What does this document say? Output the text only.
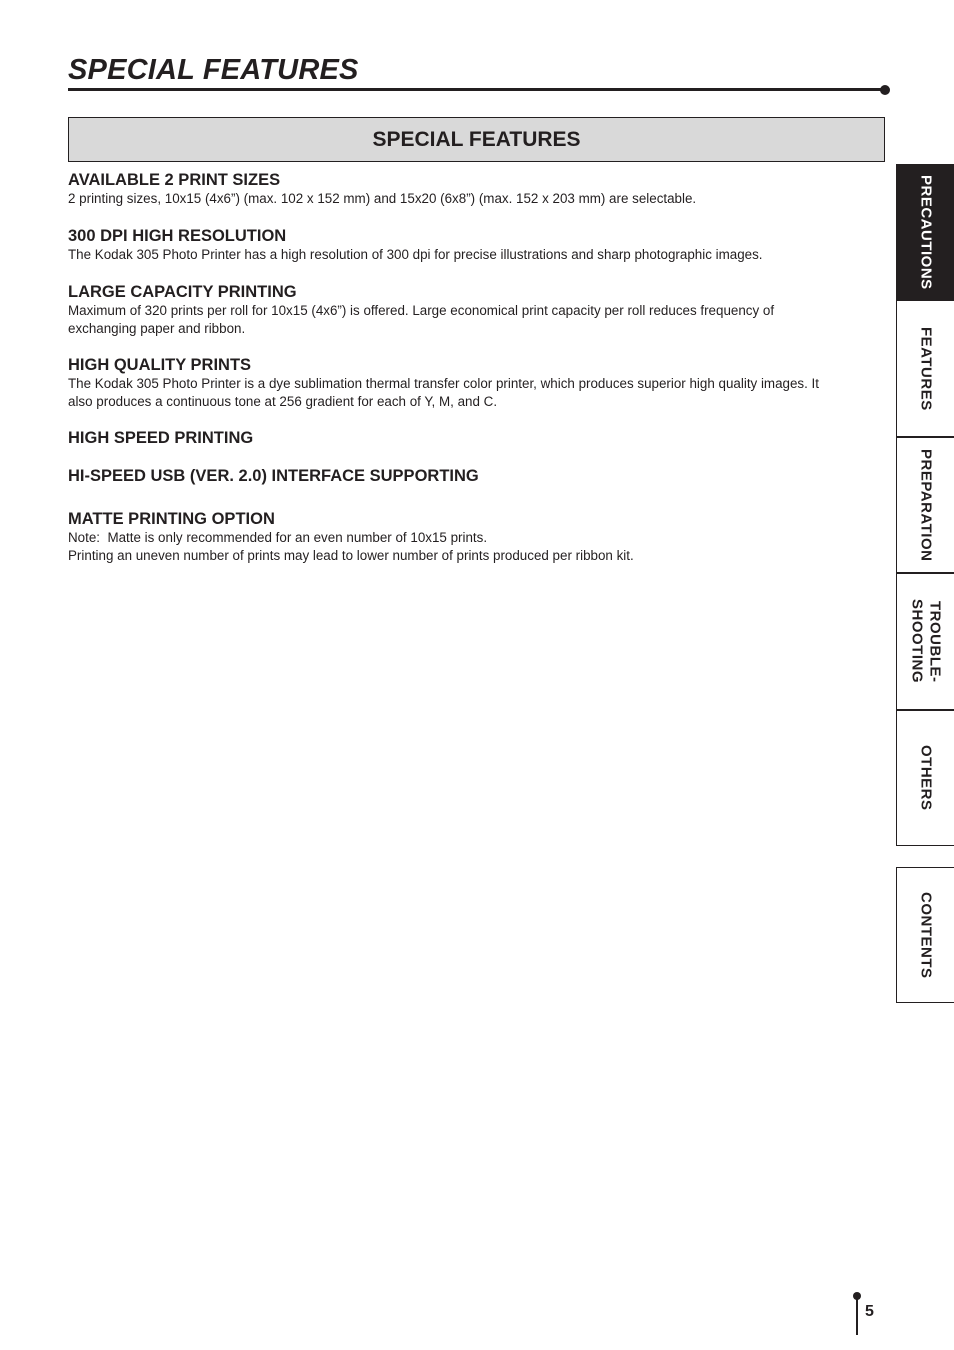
SPECIAL FEATURES
SPECIAL FEATURES
AVAILABLE 2 PRINT SIZES

2 printing sizes, 10x15 (4x6”) (max. 102 x 152 mm) and 15x20 (6x8”) (max. 152 x 203 mm) are selectable.

300 DPI HIGH RESOLUTION

The Kodak 305 Photo Printer has a high resolution of 300 dpi for precise illustrations and sharp photographic images.

LARGE CAPACITY PRINTING

Maximum of 320 prints per roll for 10x15 (4x6”) is offered. Large economical print capacity per roll reduces frequency of

exchanging paper and ribbon.

HIGH QUALITY PRINTS

The Kodak 305 Photo Printer is a dye sublimation thermal transfer color printer, which produces superior high quality images. It

also produces a continuous tone at 256 gradient for each of Y, M, and C.

HIGH SPEED PRINTING
HI-SPEED USB (VER. 2.0) INTERFACE SUPPORTING
MATTE PRINTING OPTION

Note:  Matte is only recommended for an even number of 10x15 prints.

Printing an uneven number of prints may lead to lower number of prints produced per ribbon kit.

PRECAUTIONS
FEATURES
PREPARATION
TROUBLE-
SHOOTING
OTHERS
CONTENTS
5
